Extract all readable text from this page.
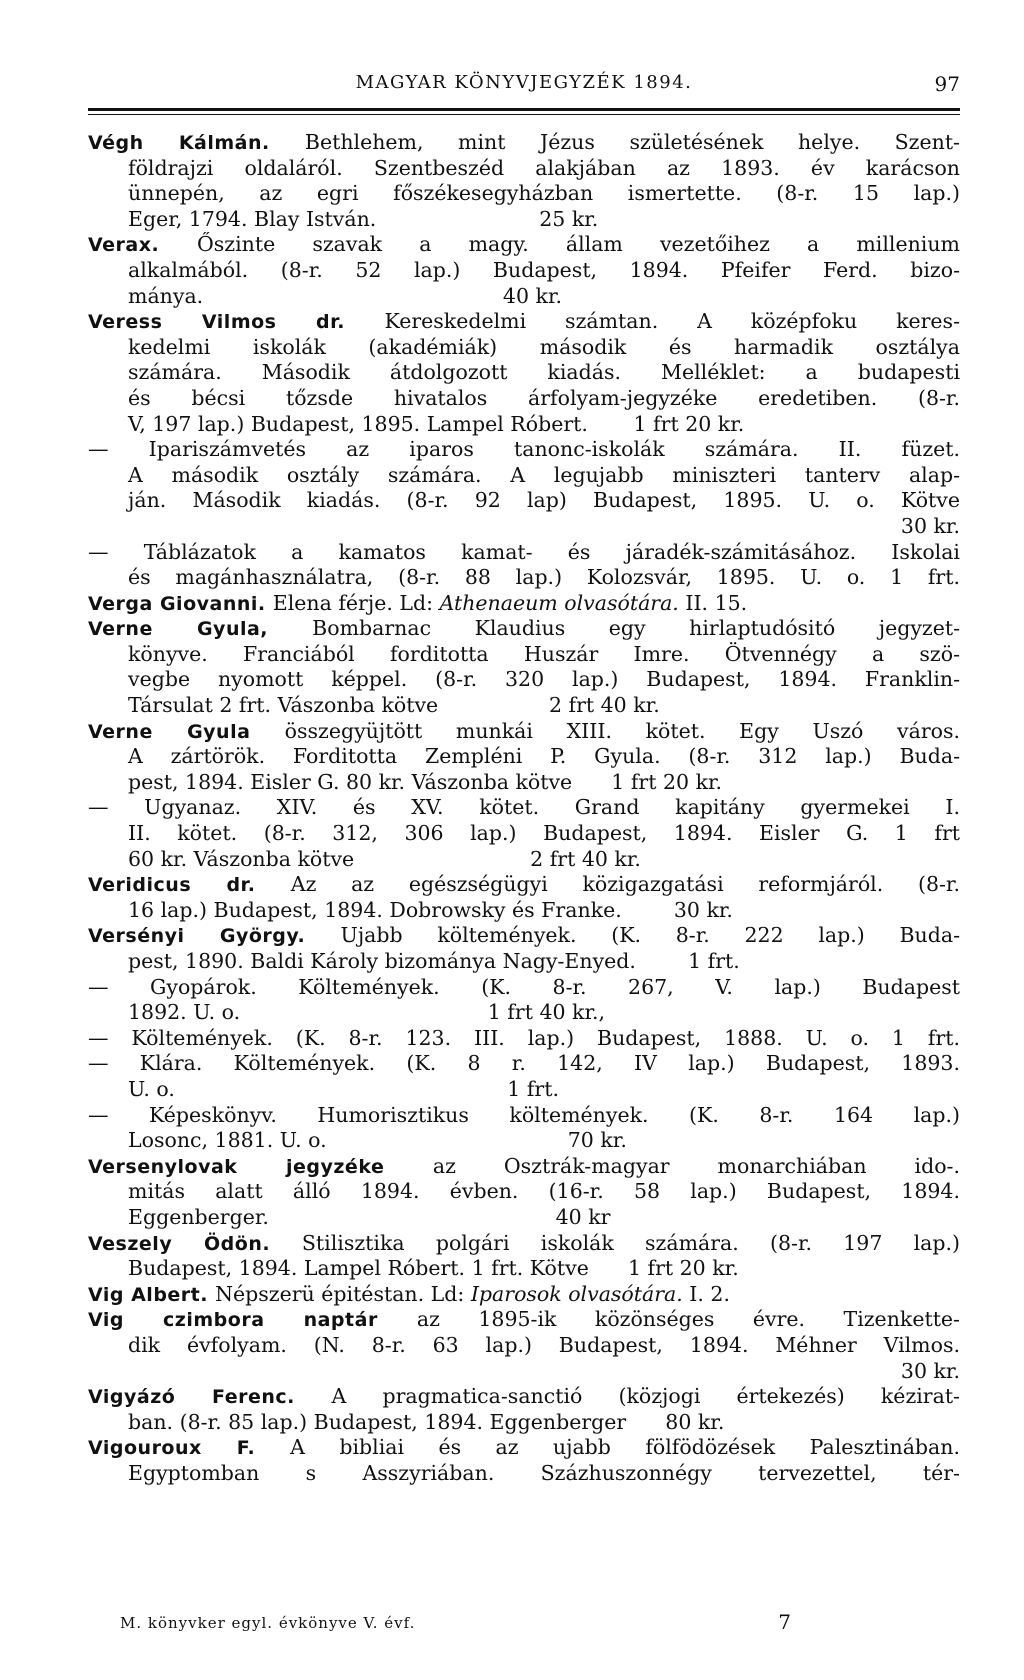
MAGYAR KÖNYVJEGYZÉK 1894.	97
Végh Kálmán. Bethlehem, mint Jézus születésének helye. Szent-
földrajzi oldaláról. Szentbeszéd alakjában az 1893. év karácson
ünnepén, az egri főszékesegyházban ismertette. (8-r. 15 lap.)
Eger, 1794. Blay István.                         25 kr.
Verax. Őszinte szavak a magy. állam vezetőihez a millenium
alkalmából. (8-r. 52 lap.) Budapest, 1894. Pfeifer Ferd. bizo-
mánya.                                              40 kr.
Veress Vilmos dr. Kereskedelmi számtan. A középfoku keres-
kedelmi iskolák (akadémiák) második és harmadik osztálya
számára. Második átdolgozott kiadás. Melléklet: a budapesti
és bécsi tőzsde hivatalos árfolyam-jegyzéke eredetiben. (8-r.
V, 197 lap.) Budapest, 1895. Lampel Róbert.       1 frt 20 kr.
— Ipariszámvetés az iparos tanonc-iskolák számára. II. füzet.
A második osztály számára. A legujabb miniszteri tanterv alap-
ján. Második kiadás. (8-r. 92 lap) Budapest, 1895. U. o. Kötve
30 kr.
— Táblázatok a kamatos kamat- és járadék-számitásához. Iskolai
és magánhasználatra, (8-r. 88 lap.) Kolozsvár, 1895. U. o. 1 frt.
Verga Giovanni. Elena férje. Ld: Athenaeum olvasótára. II. 15.
Verne Gyula, Bombarnac Klaudius egy hirlaptudósitó jegyzet-
könyve. Franciából forditotta Huszár Imre. Ötvennégy a szö-
vegbe nyomott képpel. (8-r. 320 lap.) Budapest, 1894. Franklin-
Társulat 2 frt. Vászonba kötve                 2 frt 40 kr.
Verne Gyula összegyüjtött munkái XIII. kötet. Egy Uszó város.
A zártörök. Forditotta Zempléni P. Gyula. (8-r. 312 lap.) Buda-
pest, 1894. Eisler G. 80 kr. Vászonba kötve      1 frt 20 kr.
— Ugyanaz. XIV. és XV. kötet. Grand kapitány gyermekei I.
II. kötet. (8-r. 312, 306 lap.) Budapest, 1894. Eisler G. 1 frt
60 kr. Vászonba kötve                           2 frt 40 kr.
Veridicus dr. Az az egészségügyi közigazgatási reformjáról. (8-r.
16 lap.) Budapest, 1894. Dobrowsky és Franke.        30 kr.
Versényi György. Ujabb költemények. (K. 8-r. 222 lap.) Buda-
pest, 1890. Baldi Károly bizománya Nagy-Enyed.        1 frt.
— Gyopárok. Költemények. (K. 8-r. 267, V. lap.) Budapest
1892. U. o.                                      1 frt 40 kr.,
— Költemények. (K. 8-r. 123. III. lap.) Budapest, 1888. U. o. 1 frt.
— Klára. Költemények. (K. 8 r. 142, IV lap.) Budapest, 1893.
U. o.                                                   1 frt.
— Képeskönyv. Humorisztikus költemények. (K. 8-r. 164 lap.)
Losonc, 1881. U. o.                                     70 kr.
Versenylovak jegyzéke az Osztrák-magyar monarchiában ido-.
mitás alatt álló 1894. évben. (16-r. 58 lap.) Budapest, 1894.
Eggenberger.                                            40 kr
Veszely Ödön. Stilisztika polgári iskolák számára. (8-r. 197 lap.)
Budapest, 1894. Lampel Róbert. 1 frt. Kötve      1 frt 20 kr.
Vig Albert. Népszerü épitéstan. Ld: Iparosok olvasótára. I. 2.
Vig czimbora naptár az 1895-ik közönséges évre. Tizenkette-
dik évfolyam. (N. 8-r. 63 lap.) Budapest, 1894. Méhner Vilmos.
30 kr.
Vigyázó Ferenc. A pragmatica-sanctió (közjogi értekezés) kézirat-
ban. (8-r. 85 lap.) Budapest, 1894. Eggenberger      80 kr.
Vigouroux F. A bibliai és az ujabb fölfödözések Palesztinában.
Egyptomban s Asszyriában. Százhuszonnégy tervezettel, tér-
M. könyvker egyl. évkönyve V. évf.	7
